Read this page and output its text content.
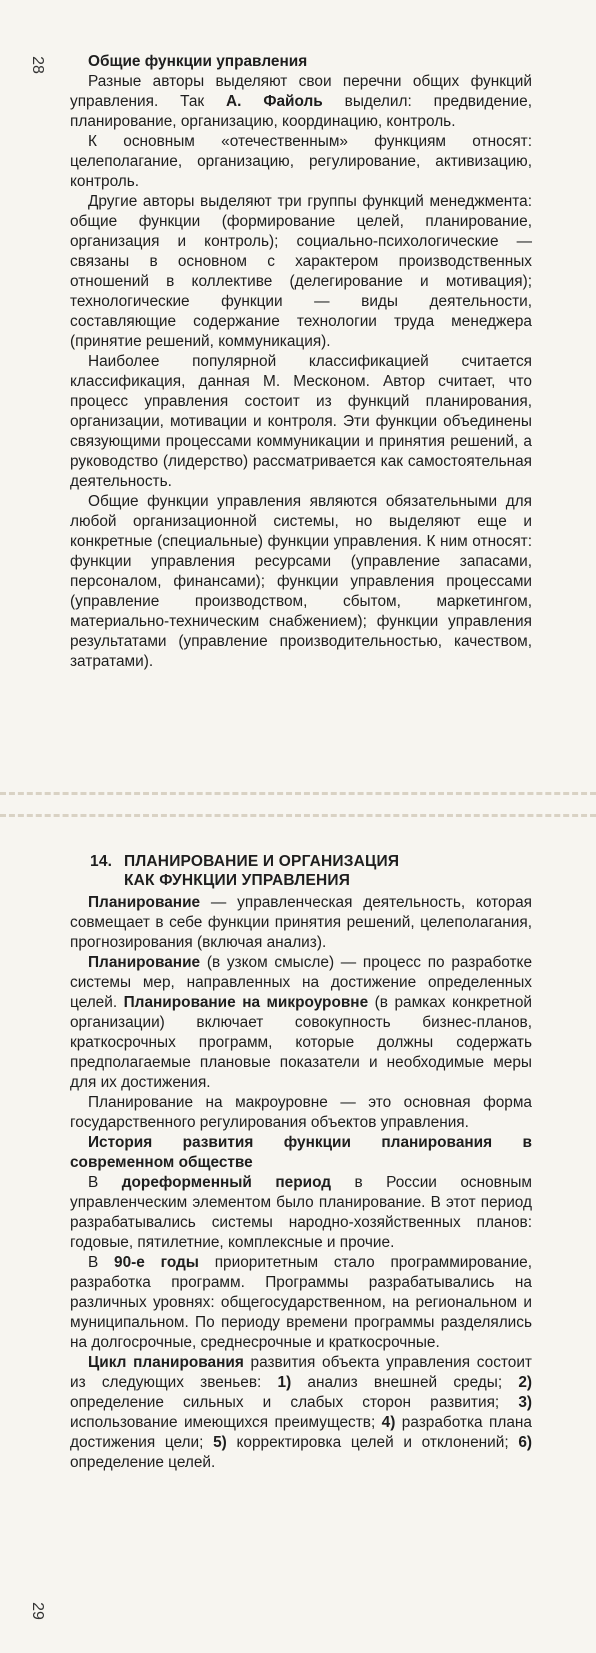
28	Общие функции управления

Разные авторы выделяют свои перечни общих функций управления. Так А. Файоль выделил: предвидение, планирование, организацию, координацию, контроль.

К основным «отечественным» функциям относят: целеполагание, организацию, регулирование, активизацию, контроль.

Другие авторы выделяют три группы функций менеджмента: общие функции (формирование целей, планирование, организация и контроль); социально-психологические — связаны в основном с характером производственных отношений в коллективе (делегирование и мотивация); технологические функции — виды деятельности, составляющие содержание технологии труда менеджера (принятие решений, коммуникация).

Наиболее популярной классификацией считается классификация, данная М. Месконом. Автор считает, что процесс управления состоит из функций планирования, организации, мотивации и контроля. Эти функции объединены связующими процессами коммуникации и принятия решений, а руководство (лидерство) рассматривается как самостоятельная деятельность.

Общие функции управления являются обязательными для любой организационной системы, но выделяют еще и конкретные (специальные) функции управления. К ним относят: функции управления ресурсами (управление запасами, персоналом, финансами); функции управления процессами (управление производством, сбытом, маркетингом, материально-техническим снабжением); функции управления результатами (управление производительностью, качеством, затратами).

14. ПЛАНИРОВАНИЕ И ОРГАНИЗАЦИЯ
КАК ФУНКЦИИ УПРАВЛЕНИЯ

Планирование — управленческая деятельность, которая совмещает в себе функции принятия решений, целеполагания, прогнозирования (включая анализ).

Планирование (в узком смысле) — процесс по разработке системы мер, направленных на достижение определенных целей. Планирование на микроуровне (в рамках конкретной организации) включает совокупность бизнес-планов, краткосрочных программ, которые должны содержать предполагаемые плановые показатели и необходимые меры для их достижения.

Планирование на макроуровне — это основная форма государственного регулирования объектов управления.

История развития функции планирования в современном обществе

В дореформенный период в России основным управленческим элементом было планирование. В этот период разрабатывались системы народно-хозяйственных планов: годовые, пятилетние, комплексные и прочие.

В 90-е годы приоритетным стало программирование, разработка программ. Программы разрабатывались на различных уровнях: общегосударственном, на региональном и муниципальном. По периоду времени программы разделялись на долгосрочные, среднесрочные и краткосрочные.

Цикл планирования развития объекта управления состоит из следующих звеньев: 1) анализ внешней среды; 2) определение сильных и слабых сторон развития; 3) использование имеющихся преимуществ; 4) разработка плана достижения цели; 5) корректировка целей и отклонений; 6) определение целей.

29
